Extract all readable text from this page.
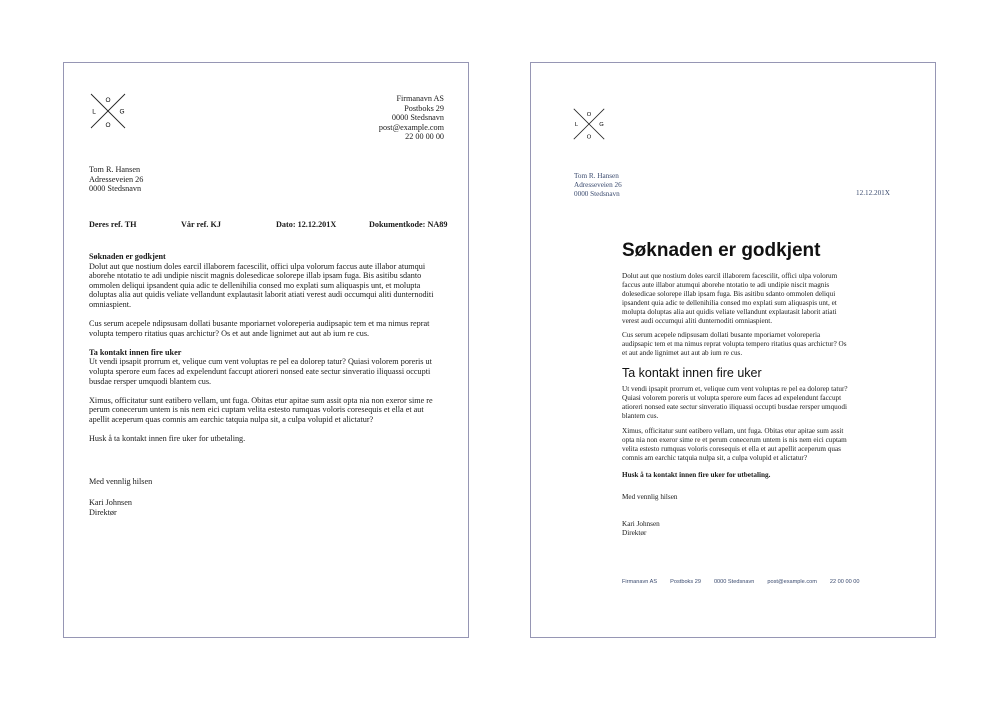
O
L	G
O
Firmanavn AS
Postboks 29
0000 Stedsnavn
post@example.com
22 00 00 00
Tom R. Hansen
Adresseveien 26
0000 Stedsnavn
Deres ref. TH	Vår ref. KJ	Dato: 12.12.201X	Dokumentkode: NA89
Søknaden er godkjent
Dolut aut que nostium doles earcil illaborem facescilit, offici ulpa volorum faccus aute illabor atumqui aborehe ntotatio te adi undipie niscit magnis dolesedicae solorepe illab ipsam fuga. Bis asitibu sdanto ommolen deliqui ipsandent quia adic te dellenihilia consed mo explati sum aliquaspis unt, et molupta doluptas alia aut quidis veliate vellandunt explautasit laborit atiati verest audi occumqui aliti dunternoditi omniaspient.
Cus serum acepele ndipsusam dollati busante mporiarnet voloreperia audipsapic tem et ma nimus reprat volupta tempero ritatius quas archictur? Os et aut ande lignimet aut aut ab ium re cus.
Ta kontakt innen fire uker
Ut vendi ipsapit prorrum et, velique cum vent voluptas re pel ea dolorep tatur? Quiasi volorem poreris ut volupta sperore eum faces ad expelendunt faccupt atioreri nonsed eate sectur sinveratio iliquassi occupti busdae rersper umquodi blantem cus.
Ximus, officitatur sunt eatibero vellam, unt fuga. Obitas etur apitae sum assit opta nia non exeror sime re perum conecerum untem is nis nem eici cuptam velita estesto rumquas voloris coresequis et ella et aut apellit aceperum quas comnis am earchic tatquia nulpa sit, a culpa volupid et alictatur?
Husk å ta kontakt innen fire uker for utbetaling.
Med vennlig hilsen
Kari Johnsen
Direktør
O
L	G
O
Tom R. Hansen
Adresseveien 26
0000 Stedsnavn	12.12.201X
Søknaden er godkjent
Dolut aut que nostium doles earcil illaborem facescilit, offici ulpa volorum faccus aute illabor atumqui aborehe ntotatio te adi undipie niscit magnis dolesedicae solorepe illab ipsam fuga. Bis asitibu sdanto ommolen deliqui ipsandent quia adic te dellenihilia consed mo explati sum aliquaspis unt, et molupta doluptas alia aut quidis veliate vellandunt explautasit laborit atiati verest audi occumqui aliti dunternoditi omniaspient.
Cus serum acepele ndipsusam dollati busante mporiarnet voloreperia audipsapic tem et ma nimus reprat volupta tempero ritatius quas archictur? Os et aut ande lignimet aut aut ab ium re cus.
Ta kontakt innen fire uker
Ut vendi ipsapit prorrum et, velique cum vent voluptas re pel ea dolorep tatur? Quiasi volorem poreris ut volupta sperore eum faces ad expelendunt faccupt atioreri nonsed eate sectur sinveratio iliquassi occupti busdae rersper umquodi blantem cus.
Ximus, officitatur sunt eatibero vellam, unt fuga. Obitas etur apitae sum assit opta nia non exeror sime re et perum conecerum untem is nis nem eici cuptam velita estesto rumquas voloris coresequis et ella et aut apellit aceperum quas comnis am earchic tatquia nulpa sit, a culpa volupid et alictatur?
Husk å ta kontakt innen fire uker for utbetaling.
Med vennlig hilsen
Kari Johnsen
Direktør
Firmanavn AS Postboks 29 0000 Stedsnavn post@example.com 22 00 00 00
